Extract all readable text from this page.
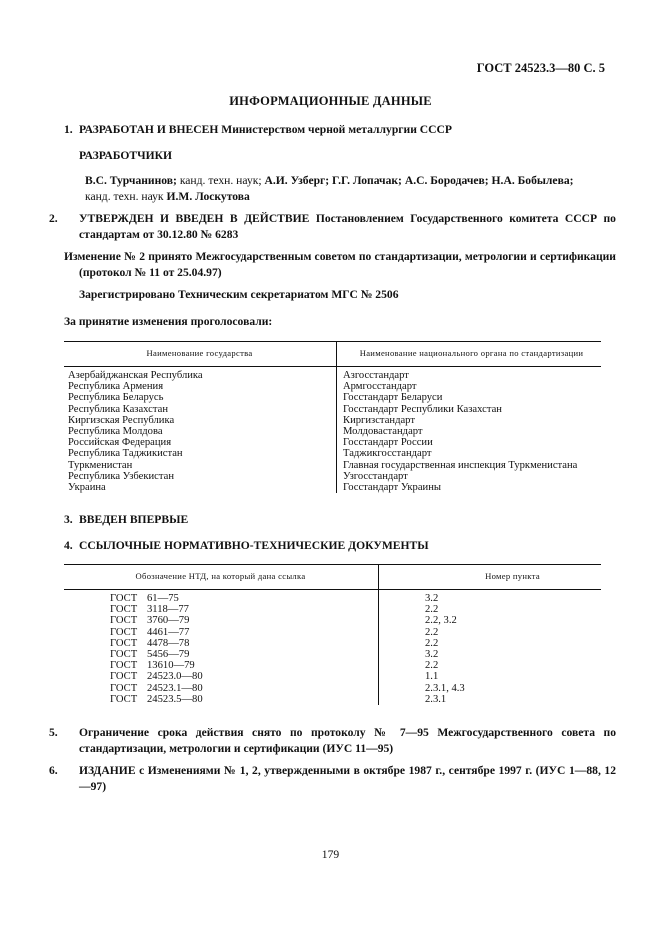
ГОСТ 24523.3—80 С. 5
ИНФОРМАЦИОННЫЕ ДАННЫЕ
1. РАЗРАБОТАН И ВНЕСЕН Министерством черной металлургии СССР
РАЗРАБОТЧИКИ
В.С. Турчанинов; канд. техн. наук; А.И. Узберг; Г.Г. Лопачак; А.С. Бородачев; Н.А. Бобылева;
канд. техн. наук И.М. Лоскутова
2. УТВЕРЖДЕН И ВВЕДЕН В ДЕЙСТВИЕ Постановлением Государственного комитета СССР по стандартам от 30.12.80 № 6283
Изменение № 2 принято Межгосударственным советом по стандартизации, метрологии и сертификации (протокол № 11 от 25.04.97)
Зарегистрировано Техническим секретариатом МГС № 2506
За принятие изменения проголосовали:
Наименование государства	Наименование национального органа по стандартизации
Азербайджанская Республика	Азгосстандарт
Республика Армения	Армгосстандарт
Республика Беларусь	Госстандарт Беларуси
Республика Казахстан	Госстандарт Республики Казахстан
Киргизская Республика	Киргизстандарт
Республика Молдова	Молдовастандарт
Российская Федерация	Госстандарт России
Республика Таджикистан	Таджикгосстандарт
Туркменистан	Главная государственная инспекция Туркменистана
Республика Узбекистан	Узгосстандарт
Украина	Госстандарт Украины
3. ВВЕДЕН ВПЕРВЫЕ
4. ССЫЛОЧНЫЕ НОРМАТИВНО-ТЕХНИЧЕСКИЕ ДОКУМЕНТЫ
Обозначение НТД, на который дана ссылка	Номер пункта

ГОСТ 61—75	3.2

ГОСТ 3118—77	2.2

ГОСТ 3760—79	2.2, 3.2

ГОСТ 4461—77	2.2

ГОСТ 4478—78	2.2

ГОСТ 5456—79	3.2

ГОСТ 13610—79	2.2

ГОСТ 24523.0—80	1.1

ГОСТ 24523.1—80	2.3.1, 4.3

ГОСТ 24523.5—80	2.3.1
5. Ограничение срока действия снято по протоколу № 7—95 Межгосударственного совета по стандартизации, метрологии и сертификации (ИУС 11—95)
6. ИЗДАНИЕ с Изменениями № 1, 2, утвержденными в октябре 1987 г., сентябре 1997 г. (ИУС 1—88, 12—97)
179
